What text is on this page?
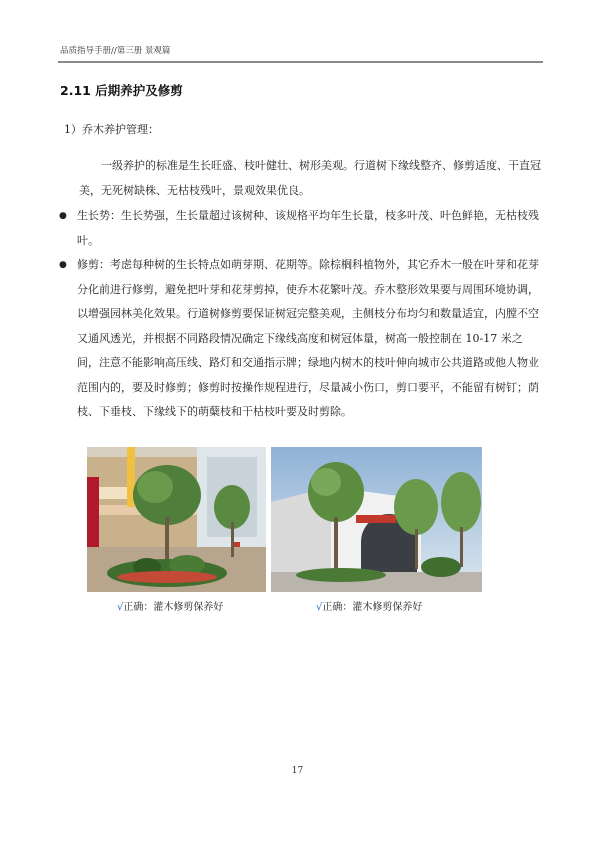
品质指导手册//第三册 景观篇
2.11 后期养护及修剪
1）乔木养护管理：

一级养护的标准是生长旺盛、枝叶健壮、树形美观。行道树下缘线整齐、修剪适度、干直冠美，无死树缺株、无枯枝残叶，景观效果优良。

● 生长势：生长势强，生长量超过该树种、该规格平均年生长量，枝多叶茂、叶色鲜艳，无枯枝残叶。

● 修剪：考虑每种树的生长特点如萌芽期、花期等。除棕榈科植物外，其它乔木一般在叶芽和花芽分化前进行修剪，避免把叶芽和花芽剪掉，使乔木花繁叶茂。乔木整形效果要与周围环境协调，以增强园林美化效果。行道树修剪要保证树冠完整美观，主侧枝分布均匀和数量适宜，内膛不空又通风透光，并根据不同路段情况确定下缘线高度和树冠体量，树高一般控制在 10-17 米之间，注意不能影响高压线、路灯和交通指示牌；绿地内树木的枝叶伸向城市公共道路或他人物业范围内的，要及时修剪；修剪时按操作规程进行，尽量减小伤口，剪口要平，不能留有树钉；荫枝、下垂枝、下缘线下的萌蘖枝和干枯枝叶要及时剪除。

√正确：灌木修剪保养好	√正确：灌木修剪保养好
17
